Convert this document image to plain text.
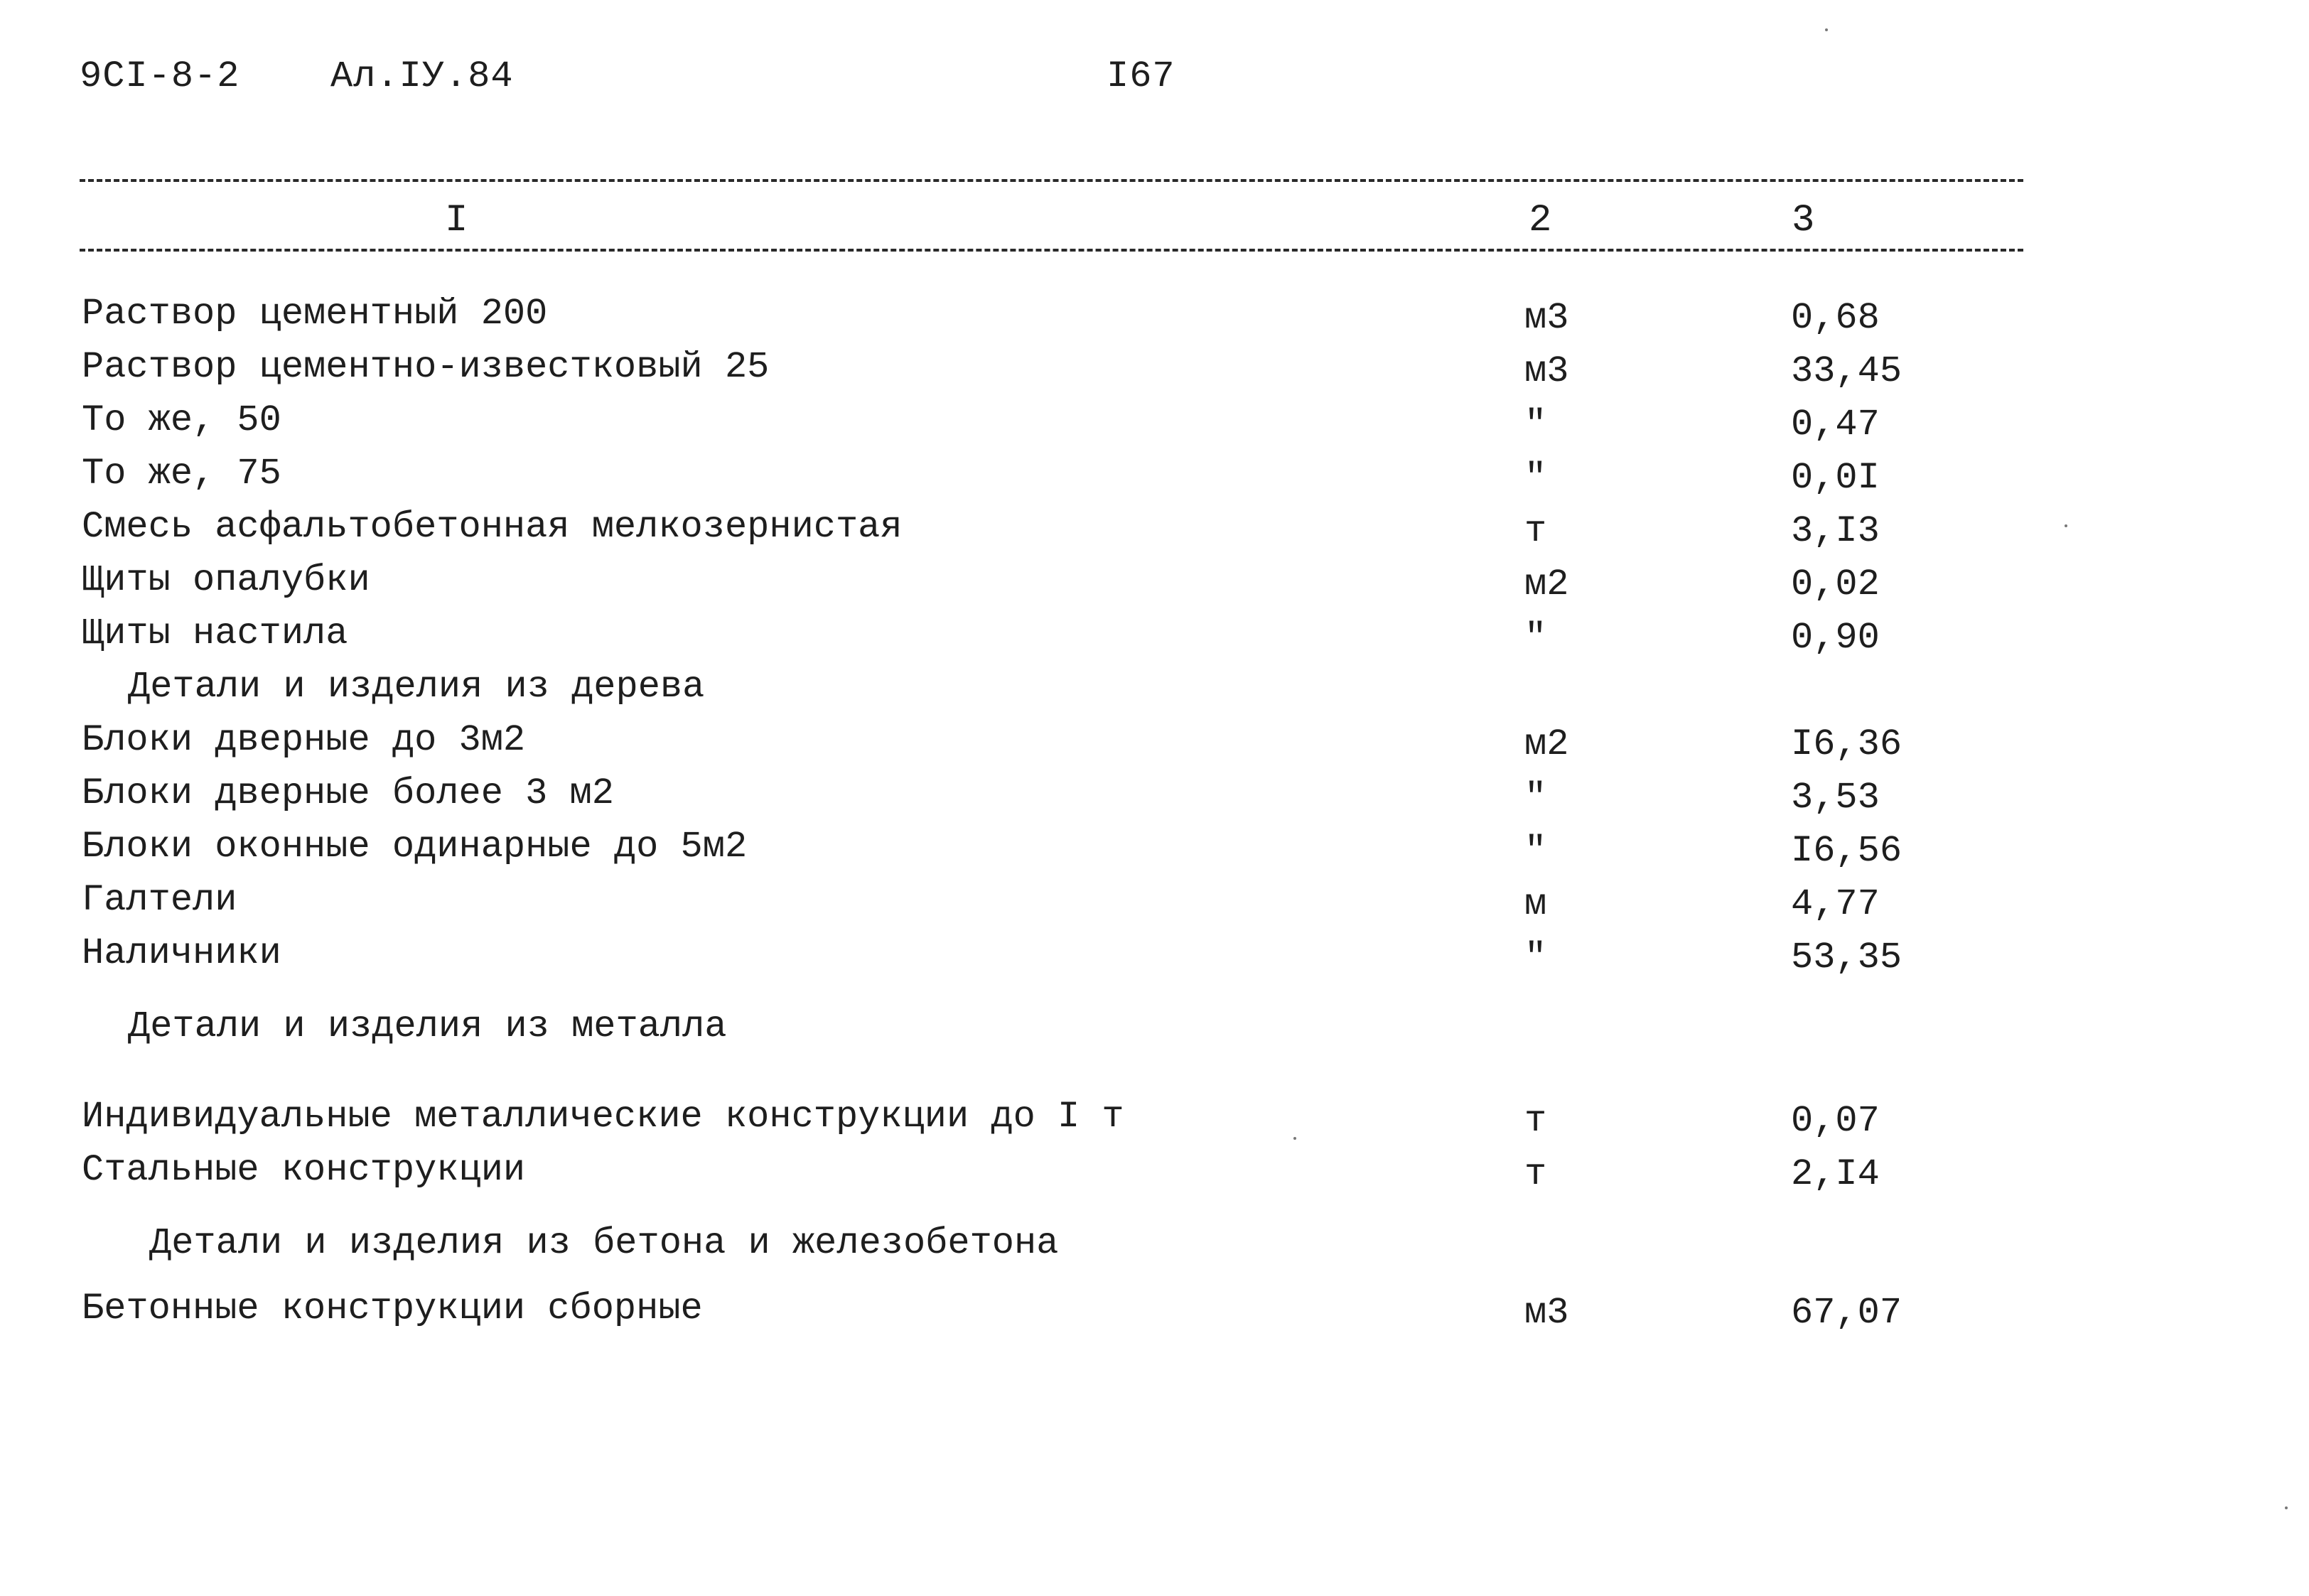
9СI-8-2 Ал.IУ.84	I67
I	2	3
Раствор цементный 200	м3	0,68
Раствор цементно-известковый 25	м3	33,45
То же, 50	"	0,47
То же, 75	"	0,0I
Смесь асфальтобетонная мелкозернистая	т	3,I3
Щиты опалубки	м2	0,02
Щиты настила	"	0,90
Детали и изделия из дерева
Блоки дверные до 3м2	м2	I6,36
Блоки дверные более 3 м2	"	3,53
Блоки оконные одинарные до 5м2	"	I6,56
Галтели	м	4,77
Наличники	"	53,35
Детали и изделия из металла
Индивидуальные металлические конструкции до I т	т	0,07
Стальные конструкции	т	2,I4
Детали и изделия из бетона и железобетона
Бетонные конструкции сборные	м3	67,07
